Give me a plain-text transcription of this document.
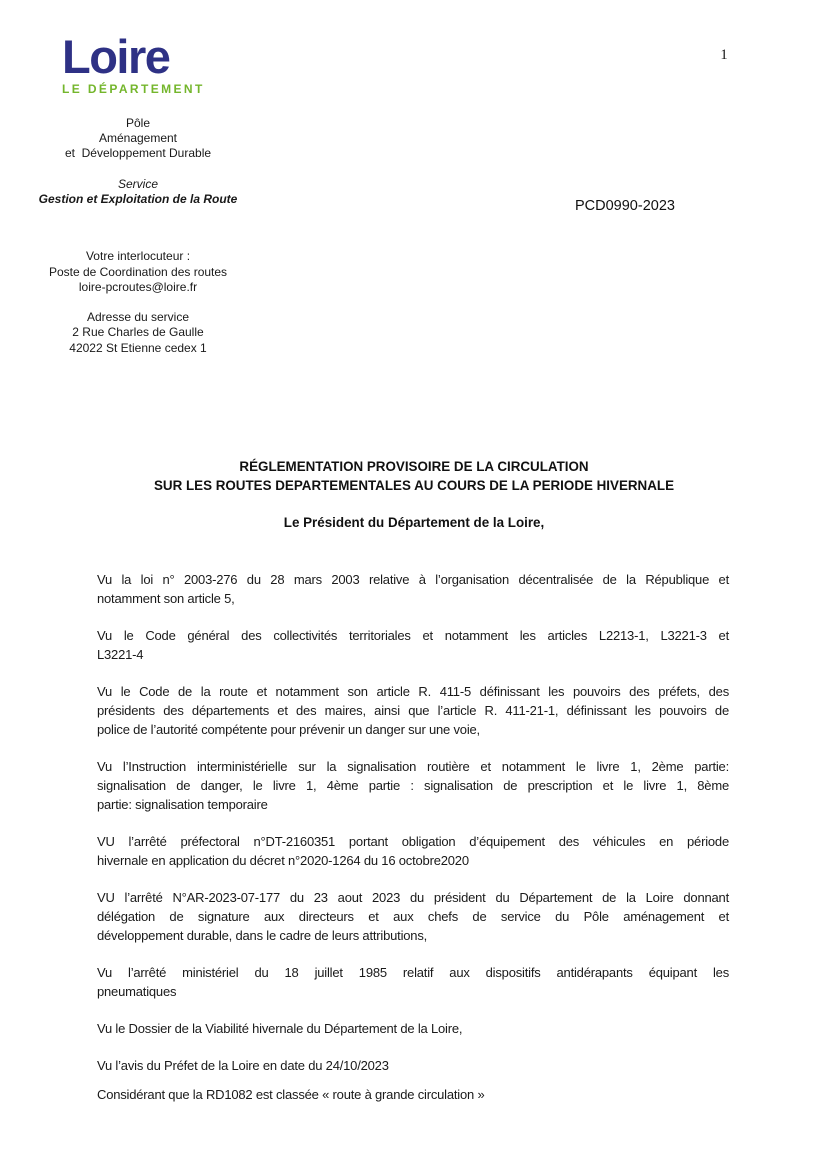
Loire
LE DÉPARTEMENT
1
Pôle
Aménagement
et  Développement Durable
Service
Gestion et Exploitation de la Route	PCD0990-2023
Votre interlocuteur :
Poste de Coordination des routes
loire-pcroutes@loire.fr
Adresse du service
2 Rue Charles de Gaulle
42022 St Etienne cedex 1
RÉGLEMENTATION PROVISOIRE DE LA CIRCULATION
SUR LES ROUTES DEPARTEMENTALES AU COURS DE LA PERIODE HIVERNALE
Le Président du Département de la Loire,
Vu la loi n° 2003-276 du 28 mars 2003 relative à l’organisation décentralisée de la République et
notamment son article 5,
Vu le Code général des collectivités territoriales et notamment les articles L2213-1, L3221-3 et
L3221-4
Vu le Code de la route et notamment son article R. 411-5 définissant les pouvoirs des préfets, des
présidents des départements et des maires, ainsi que l’article R. 411-21-1, définissant les pouvoirs de
police de l’autorité compétente pour prévenir un danger sur une voie,
Vu l’Instruction interministérielle sur la signalisation routière et notamment le livre 1, 2ème partie:
signalisation de danger, le livre 1, 4ème partie : signalisation de prescription et le livre 1, 8ème
partie: signalisation temporaire
VU l’arrêté préfectoral n°DT-2160351 portant obligation d’équipement des véhicules en période
hivernale en application du décret n°2020-1264 du 16 octobre2020
VU l’arrêté N°AR-2023-07-177 du 23 aout 2023 du président du Département de la Loire donnant
délégation de signature aux directeurs et aux chefs de service du Pôle aménagement et
développement durable, dans le cadre de leurs attributions,
Vu l’arrêté ministériel du 18 juillet 1985 relatif aux dispositifs antidérapants équipant les
pneumatiques
Vu le Dossier de la Viabilité hivernale du Département de la Loire,
Vu l’avis du Préfet de la Loire en date du 24/10/2023
Considérant que la RD1082 est classée « route à grande circulation »
